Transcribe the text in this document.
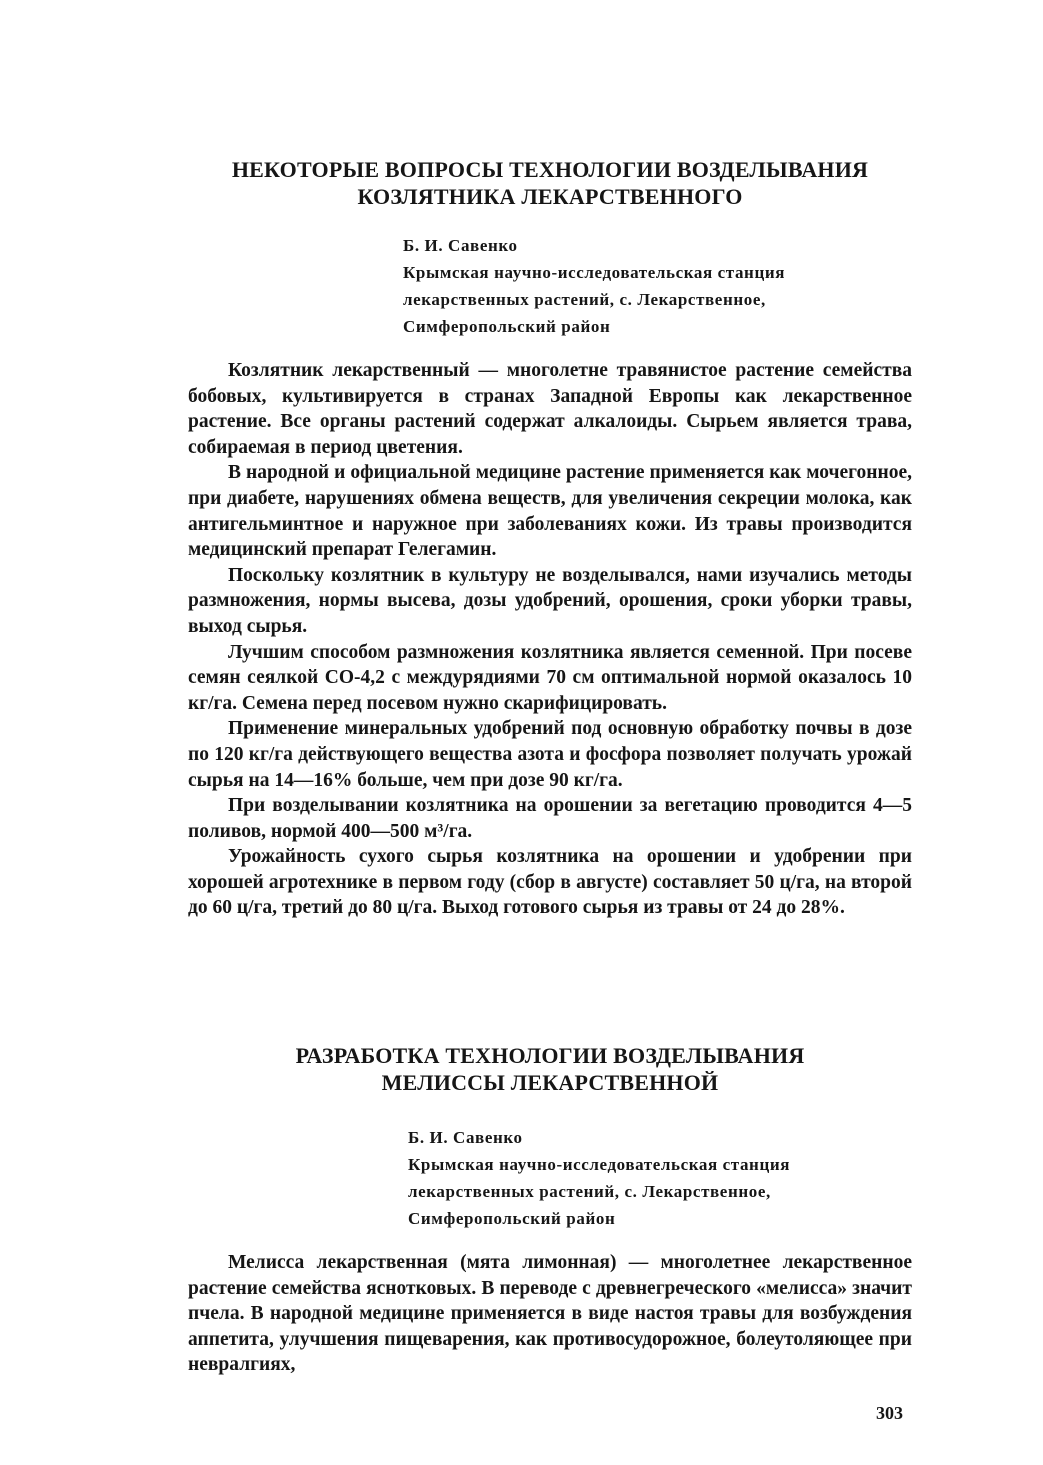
НЕКОТОРЫЕ ВОПРОСЫ ТЕХНОЛОГИИ ВОЗДЕЛЫВАНИЯ
КОЗЛЯТНИКА ЛЕКАРСТВЕННОГО
Б. И. Савенко
Крымская научно-исследовательская станция
лекарственных растений, с. Лекарственное,
Симферопольский район

Козлятник лекарственный — многолетне травянистое растение семейства бобовых, культивируется в странах Западной Европы как лекарственное растение. Все органы растений содержат алкалоиды. Сырьем является трава, собираемая в период цветения.

В народной и официальной медицине растение применяется как мочегонное, при диабете, нарушениях обмена веществ, для увеличения секреции молока, как антигельминтное и наружное при заболеваниях кожи. Из травы производится медицинский препарат Гелегамин.

Поскольку козлятник в культуру не возделывался, нами изучались методы размножения, нормы высева, дозы удобрений, орошения, сроки уборки травы, выход сырья.

Лучшим способом размножения козлятника является семенной. При посеве семян сеялкой СО-4,2 с междурядиями 70 см оптимальной нормой оказалось 10 кг/га. Семена перед посевом нужно скарифицировать.

Применение минеральных удобрений под основную обработку почвы в дозе по 120 кг/га действующего вещества азота и фосфора позволяет получать урожай сырья на 14—16% больше, чем при дозе 90 кг/га.

При возделывании козлятника на орошении за вегетацию проводится 4—5 поливов, нормой 400—500 м³/га.

Урожайность сухого сырья козлятника на орошении и удобрении при хорошей агротехнике в первом году (сбор в августе) составляет 50 ц/га, на второй до 60 ц/га, третий до 80 ц/га. Выход готового сырья из травы от 24 до 28%.

РАЗРАБОТКА ТЕХНОЛОГИИ ВОЗДЕЛЫВАНИЯ
МЕЛИССЫ ЛЕКАРСТВЕННОЙ
Б. И. Савенко
Крымская научно-исследовательская станция
лекарственных растений, с. Лекарственное,
Симферопольский район

Мелисса лекарственная (мята лимонная) — многолетнее лекарственное растение семейства яснотковых. В переводе с древнегреческого «мелисса» значит пчела. В народной медицине применяется в виде настоя травы для возбуждения аппетита, улучшения пищеварения, как противосудорожное, болеутоляющее при невралгиях,

303
